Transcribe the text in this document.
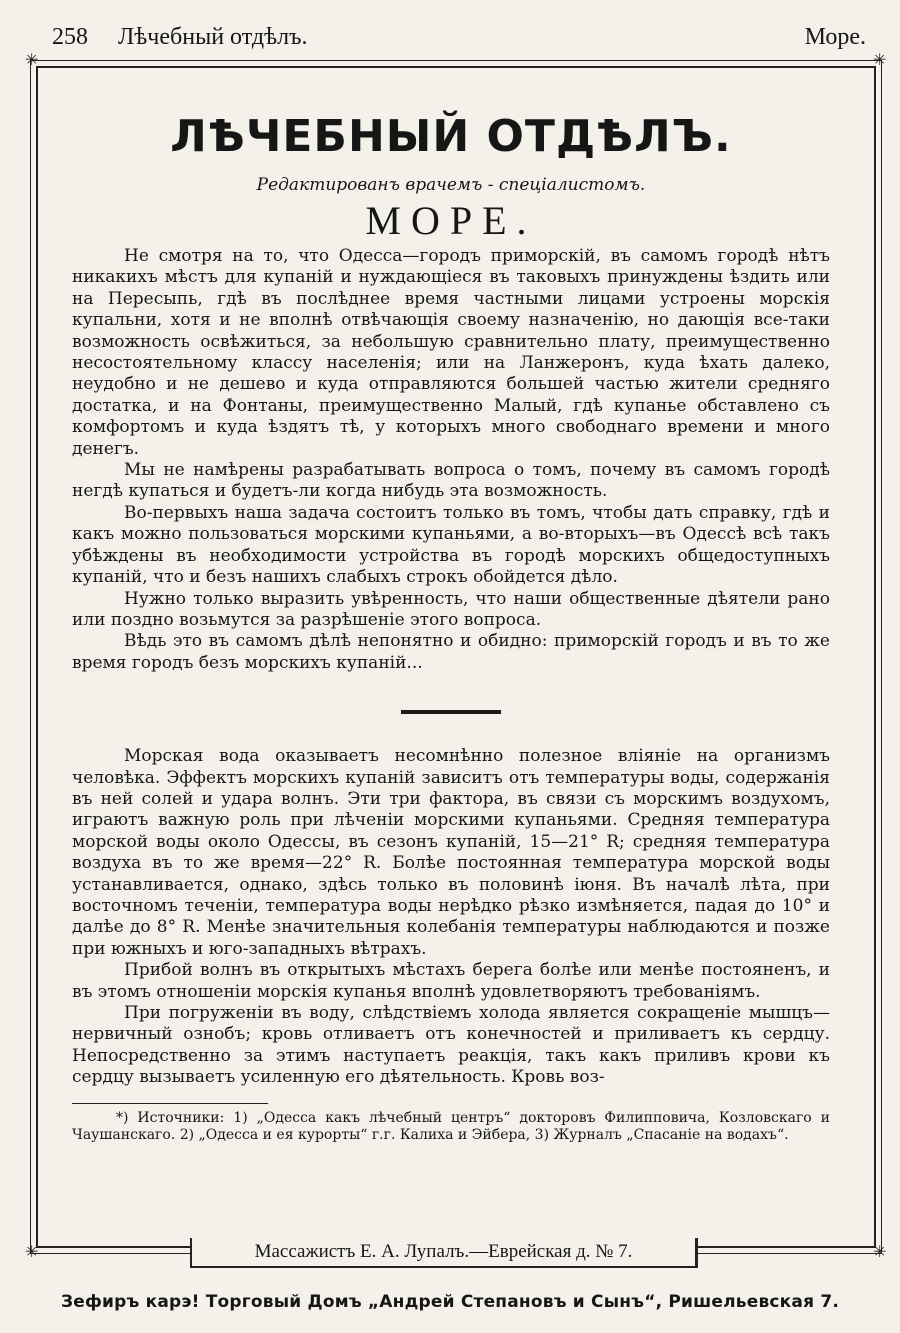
258 Лѣчебный отдѣлъ.	Море.
✳	✳
✳	✳
ЛѢЧЕБНЫЙ ОТДѢЛЪ.
Редактированъ врачемъ - спеціалистомъ.
МОРЕ.

Не смотря на то, что Одесса—городъ приморскій, въ самомъ городѣ нѣтъ никакихъ мѣстъ для купаній и нуждающіеся въ таковыхъ принуждены ѣздить или на Пересыпь, гдѣ въ послѣднее время частными лицами устроены морскія купальни, хотя и не вполнѣ отвѣчающія своему назначенію, но дающія все-таки возможность освѣжиться, за небольшую сравнительно плату, преимущественно несостоятельному классу населенія; или на Ланжеронъ, куда ѣхать далеко, неудобно и не дешево и куда отправляются большей частью жители средняго достатка, и на Фонтаны, преимущественно Малый, гдѣ купанье обставлено съ комфортомъ и куда ѣздятъ тѣ, у которыхъ много свободнаго времени и много денегъ.

Мы не намѣрены разрабатывать вопроса о томъ, почему въ самомъ городѣ негдѣ купаться и будетъ-ли когда нибудь эта возможность.

Во-первыхъ наша задача состоитъ только въ томъ, чтобы дать справку, гдѣ и какъ можно пользоваться морскими купаньями, а во-вторыхъ—въ Одессѣ всѣ такъ убѣждены въ необходимости устройства въ городѣ морскихъ общедоступныхъ купаній, что и безъ нашихъ слабыхъ строкъ обойдется дѣло.

Нужно только выразить увѣренность, что наши общественные дѣятели рано или поздно возьмутся за разрѣшеніе этого вопроса.

Вѣдь это въ самомъ дѣлѣ непонятно и обидно: приморскій городъ и въ то же время городъ безъ морскихъ купаній...

Морская вода оказываетъ несомнѣнно полезное вліяніе на организмъ человѣка. Эффектъ морскихъ купаній зависитъ отъ температуры воды, содержанія въ ней солей и удара волнъ. Эти три фактора, въ связи съ морскимъ воздухомъ, играютъ важную роль при лѣченіи морскими купаньями. Средняя температура морской воды около Одессы, въ сезонъ купаній, 15—21° R; средняя температура воздуха въ то же время—22° R. Болѣе постоянная температура морской воды устанавливается, однако, здѣсь только въ половинѣ іюня. Въ началѣ лѣта, при восточномъ теченіи, температура воды нерѣдко рѣзко измѣняется, падая до 10° и далѣе до 8° R. Менѣе значительныя колебанія температуры наблюдаются и позже при южныхъ и юго-западныхъ вѣтрахъ.

Прибой волнъ въ открытыхъ мѣстахъ берега болѣе или менѣе постояненъ, и въ этомъ отношеніи морскія купанья вполнѣ удовлетворяютъ требованіямъ.

При погруженіи въ воду, слѣдствіемъ холода является сокращеніе мышцъ—нервичный ознобъ; кровь отливаетъ отъ конечностей и приливаетъ къ сердцу. Непосредственно за этимъ наступаетъ реакція, такъ какъ приливъ крови къ сердцу вызываетъ усиленную его дѣятельность. Кровь воз-

*) Источники: 1) „Одесса какъ лѣчебный центръ“ докторовъ Филипповича, Козловскаго и Чаушанскаго. 2) „Одесса и ея курорты“ г.г. Калиха и Эйбера, 3) Журналъ „Спасаніе на водахъ“.

Массажистъ Е. А. Лупалъ.—Еврейская д. № 7.
Зефиръ карэ! Торговый Домъ „Андрей Степановъ и Сынъ“, Ришельевская 7.
